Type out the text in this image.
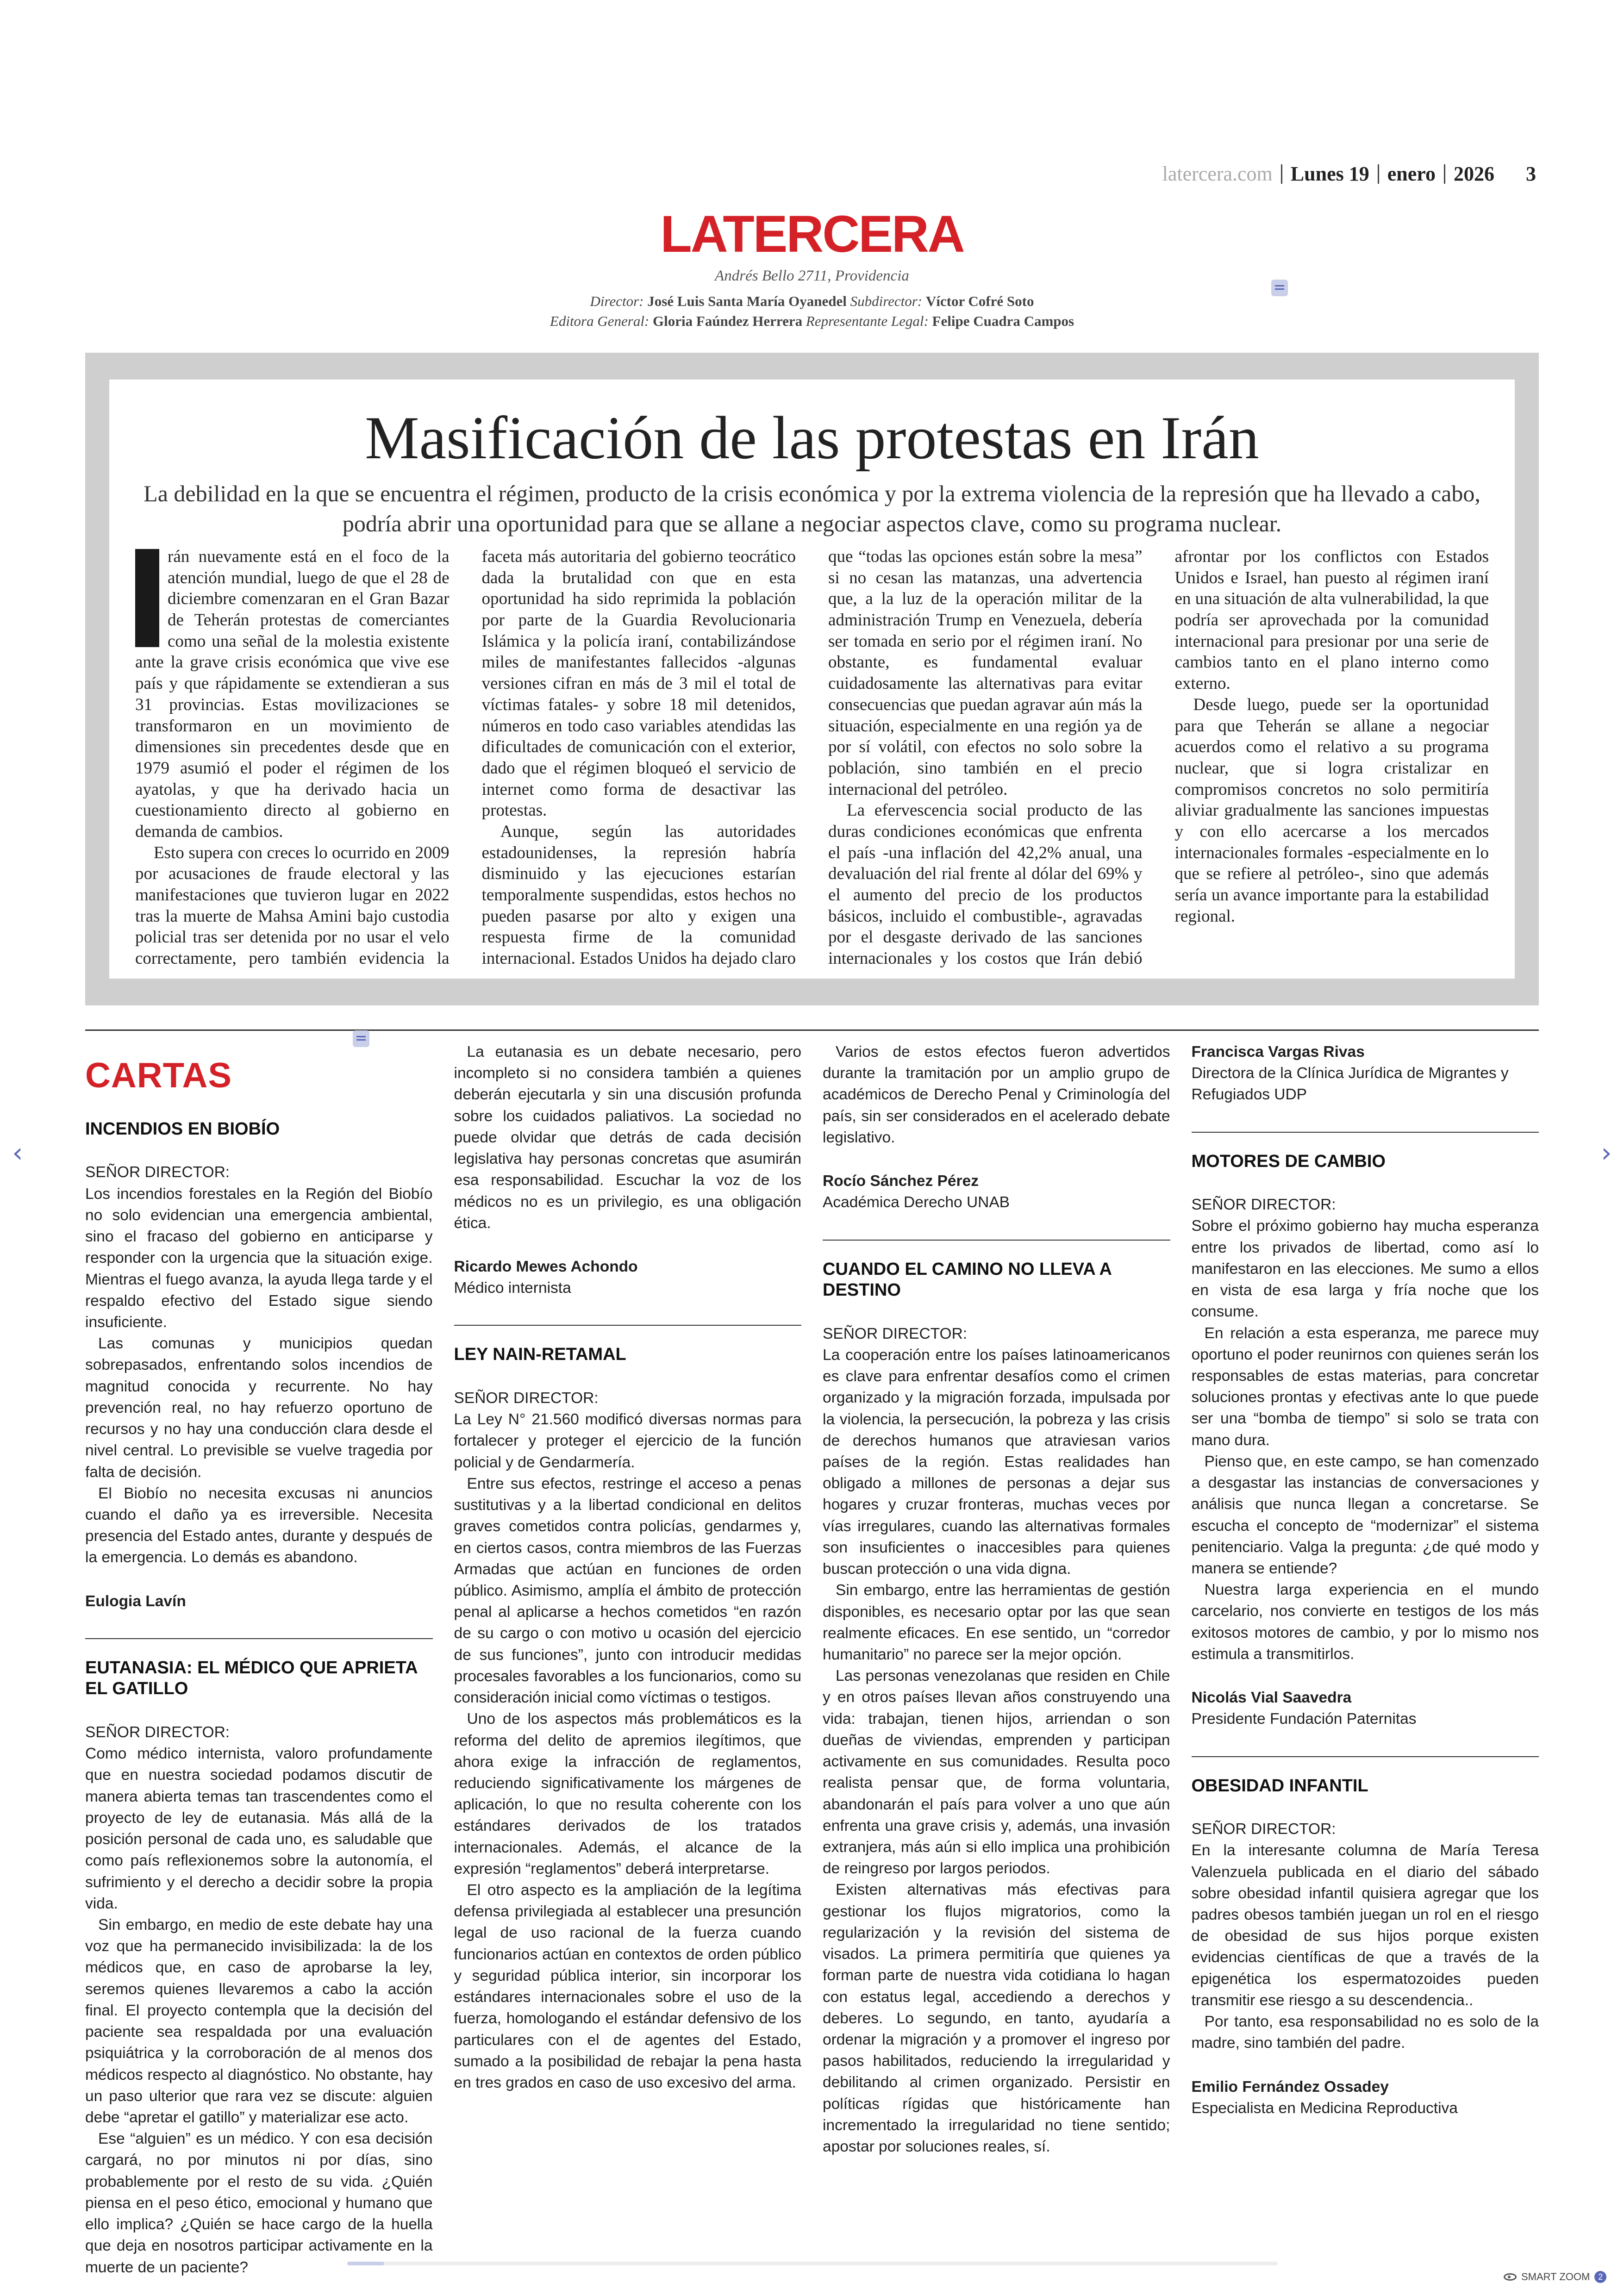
latercera.com Lunes 19 enero 2026 3
LATERCERA
Andrés Bello 2711, Providencia
Director: José Luis Santa María Oyanedel Subdirector: Víctor Cofré Soto
Editora General: Gloria Faúndez Herrera Representante Legal: Felipe Cuadra Campos
Masificación de las protestas en Irán

La debilidad en la que se encuentra el régimen, producto de la crisis económica y por la extrema violencia de la represión que ha llevado a cabo, podría abrir una oportunidad para que se allane a negociar aspectos clave, como su programa nuclear.

rán nuevamente está en el foco de la atención mundial, luego de que el 28 de diciembre comenzaran en el Gran Bazar de Teherán protestas de comerciantes como una señal de la molestia existente ante la grave crisis económica que vive ese país y que rápidamente se extendieran a sus 31 provincias. Estas movilizaciones se transformaron en un movimiento de dimensiones sin precedentes desde que en 1979 asumió el poder el régimen de los ayatolas, y que ha derivado hacia un cuestionamiento directo al gobierno en demanda de cambios.

Esto supera con creces lo ocurrido en 2009 por acusaciones de fraude electoral y las manifestaciones que tuvieron lugar en 2022 tras la muerte de Mahsa Amini bajo custodia policial tras ser detenida por no usar el velo correctamente, pero también evidencia la faceta más autoritaria del gobierno teocrático dada la brutalidad con que en esta oportunidad ha sido reprimida la población por parte de la Guardia Revolucionaria Islámica y la policía iraní, contabilizándose miles de manifestantes fallecidos -algunas versiones cifran en más de 3 mil el total de víctimas fatales- y sobre 18 mil detenidos, números en todo caso variables atendidas las dificultades de comunicación con el exterior, dado que el régimen bloqueó el servicio de internet como forma de desactivar las protestas.

Aunque, según las autoridades estadounidenses, la represión habría disminuido y las ejecuciones estarían temporalmente suspendidas, estos hechos no pueden pasarse por alto y exigen una respuesta firme de la comunidad internacional. Estados Unidos ha dejado claro que “todas las opciones están sobre la mesa” si no cesan las matanzas, una advertencia que, a la luz de la operación militar de la administración Trump en Venezuela, debería ser tomada en serio por el régimen iraní. No obstante, es fundamental evaluar cuidadosamente las alternativas para evitar consecuencias que puedan agravar aún más la situación, especialmente en una región ya de por sí volátil, con efectos no solo sobre la población, sino también en el precio internacional del petróleo.

La efervescencia social producto de las duras condiciones económicas que enfrenta el país -una inflación del 42,2% anual, una devaluación del rial frente al dólar del 69% y el aumento del precio de los productos básicos, incluido el combustible-, agravadas por el desgaste derivado de las sanciones internacionales y los costos que Irán debió afrontar por los conflictos con Estados Unidos e Israel, han puesto al régimen iraní en una situación de alta vulnerabilidad, la que podría ser aprovechada por la comunidad internacional para presionar por una serie de cambios tanto en el plano interno como externo.

Desde luego, puede ser la oportunidad para que Teherán se allane a negociar acuerdos como el relativo a su programa nuclear, que si logra cristalizar en compromisos concretos no solo permitiría aliviar gradualmente las sanciones impuestas y con ello acercarse a los mercados internacionales formales -especialmente en lo que se refiere al petróleo-, sino que además sería un avance importante para la estabilidad regional.

CARTAS
INCENDIOS EN BIOBÍO

SEÑOR DIRECTOR:

Los incendios forestales en la Región del Biobío no solo evidencian una emergencia ambiental, sino el fracaso del gobierno en anticiparse y responder con la urgencia que la situación exige. Mientras el fuego avanza, la ayuda llega tarde y el respaldo efectivo del Estado sigue siendo insuficiente.

Las comunas y municipios quedan sobrepasados, enfrentando solos incendios de magnitud conocida y recurrente. No hay prevención real, no hay refuerzo oportuno de recursos y no hay una conducción clara desde el nivel central. Lo previsible se vuelve tragedia por falta de decisión.

El Biobío no necesita excusas ni anuncios cuando el daño ya es irreversible. Necesita presencia del Estado antes, durante y después de la emergencia. Lo demás es abandono.

Eulogia Lavín

EUTANASIA: EL MÉDICO QUE APRIETA EL GATILLO

SEÑOR DIRECTOR:

Como médico internista, valoro profundamente que en nuestra sociedad podamos discutir de manera abierta temas tan trascendentes como el proyecto de ley de eutanasia. Más allá de la posición personal de cada uno, es saludable que como país reflexionemos sobre la autonomía, el sufrimiento y el derecho a decidir sobre la propia vida.

Sin embargo, en medio de este debate hay una voz que ha permanecido invisibilizada: la de los médicos que, en caso de aprobarse la ley, seremos quienes llevaremos a cabo la acción final. El proyecto contempla que la decisión del paciente sea respaldada por una evaluación psiquiátrica y la corroboración de al menos dos médicos respecto al diagnóstico. No obstante, hay un paso ulterior que rara vez se discute: alguien debe “apretar el gatillo” y materializar ese acto.

Ese “alguien” es un médico. Y con esa decisión cargará, no por minutos ni por días, sino probablemente por el resto de su vida. ¿Quién piensa en el peso ético, emocional y humano que ello implica? ¿Quién se hace cargo de la huella que deja en nosotros participar activamente en la muerte de un paciente?

La eutanasia es un debate necesario, pero incompleto si no considera también a quienes deberán ejecutarla y sin una discusión profunda sobre los cuidados paliativos. La sociedad no puede olvidar que detrás de cada decisión legislativa hay personas concretas que asumirán esa responsabilidad. Escuchar la voz de los médicos no es un privilegio, es una obligación ética.

Ricardo Mewes Achondo

Médico internista

LEY NAIN-RETAMAL

SEÑOR DIRECTOR:

La Ley N° 21.560 modificó diversas normas para fortalecer y proteger el ejercicio de la función policial y de Gendarmería.

Entre sus efectos, restringe el acceso a penas sustitutivas y a la libertad condicional en delitos graves cometidos contra policías, gendarmes y, en ciertos casos, contra miembros de las Fuerzas Armadas que actúan en funciones de orden público. Asimismo, amplía el ámbito de protección penal al aplicarse a hechos cometidos “en razón de su cargo o con motivo u ocasión del ejercicio de sus funciones”, junto con introducir medidas procesales favorables a los funcionarios, como su consideración inicial como víctimas o testigos.

Uno de los aspectos más problemáticos es la reforma del delito de apremios ilegítimos, que ahora exige la infracción de reglamentos, reduciendo significativamente los márgenes de aplicación, lo que no resulta coherente con los estándares derivados de los tratados internacionales. Además, el alcance de la expresión “reglamentos” deberá interpretarse.

El otro aspecto es la ampliación de la legítima defensa privilegiada al establecer una presunción legal de uso racional de la fuerza cuando funcionarios actúan en contextos de orden público y seguridad pública interior, sin incorporar los estándares internacionales sobre el uso de la fuerza, homologando el estándar defensivo de los particulares con el de agentes del Estado, sumado a la posibilidad de rebajar la pena hasta en tres grados en caso de uso excesivo del arma.

Varios de estos efectos fueron advertidos durante la tramitación por un amplio grupo de académicos de Derecho Penal y Criminología del país, sin ser considerados en el acelerado debate legislativo.

Rocío Sánchez Pérez

Académica Derecho UNAB

CUANDO EL CAMINO NO LLEVA A DESTINO

SEÑOR DIRECTOR:

La cooperación entre los países latinoamericanos es clave para enfrentar desafíos como el crimen organizado y la migración forzada, impulsada por la violencia, la persecución, la pobreza y las crisis de derechos humanos que atraviesan varios países de la región. Estas realidades han obligado a millones de personas a dejar sus hogares y cruzar fronteras, muchas veces por vías irregulares, cuando las alternativas formales son insuficientes o inaccesibles para quienes buscan protección o una vida digna.

Sin embargo, entre las herramientas de gestión disponibles, es necesario optar por las que sean realmente eficaces. En ese sentido, un “corredor humanitario” no parece ser la mejor opción.

Las personas venezolanas que residen en Chile y en otros países llevan años construyendo una vida: trabajan, tienen hijos, arriendan o son dueñas de viviendas, emprenden y participan activamente en sus comunidades. Resulta poco realista pensar que, de forma voluntaria, abandonarán el país para volver a uno que aún enfrenta una grave crisis y, además, una invasión extranjera, más aún si ello implica una prohibición de reingreso por largos periodos.

Existen alternativas más efectivas para gestionar los flujos migratorios, como la regularización y la revisión del sistema de visados. La primera permitiría que quienes ya forman parte de nuestra vida cotidiana lo hagan con estatus legal, accediendo a derechos y deberes. Lo segundo, en tanto, ayudaría a ordenar la migración y a promover el ingreso por pasos habilitados, reduciendo la irregularidad y debilitando al crimen organizado. Persistir en políticas rígidas que históricamente han incrementado la irregularidad no tiene sentido; apostar por soluciones reales, sí.

Francisca Vargas Rivas

Directora de la Clínica Jurídica de Migrantes y Refugiados UDP

MOTORES DE CAMBIO

SEÑOR DIRECTOR:

Sobre el próximo gobierno hay mucha esperanza entre los privados de libertad, como así lo manifestaron en las elecciones. Me sumo a ellos en vista de esa larga y fría noche que los consume.

En relación a esta esperanza, me parece muy oportuno el poder reunirnos con quienes serán los responsables de estas materias, para concretar soluciones prontas y efectivas ante lo que puede ser una “bomba de tiempo” si solo se trata con mano dura.

Pienso que, en este campo, se han comenzado a desgastar las instancias de conversaciones y análisis que nunca llegan a concretarse. Se escucha el concepto de “modernizar” el sistema penitenciario. Valga la pregunta: ¿de qué modo y manera se entiende?

Nuestra larga experiencia en el mundo carcelario, nos convierte en testigos de los más exitosos motores de cambio, y por lo mismo nos estimula a transmitirlos.

Nicolás Vial Saavedra

Presidente Fundación Paternitas

OBESIDAD INFANTIL

SEÑOR DIRECTOR:

En la interesante columna de María Teresa Valenzuela publicada en el diario del sábado sobre obesidad infantil quisiera agregar que los padres obesos también juegan un rol en el riesgo de obesidad de sus hijos porque existen evidencias científicas de que a través de la epigenética los espermatozoides pueden transmitir ese riesgo a su descendencia..

Por tanto, esa responsabilidad no es solo de la madre, sino también del padre.

Emilio Fernández Ossadey

Especialista en Medicina Reproductiva

‹	›
SMART ZOOM 2
